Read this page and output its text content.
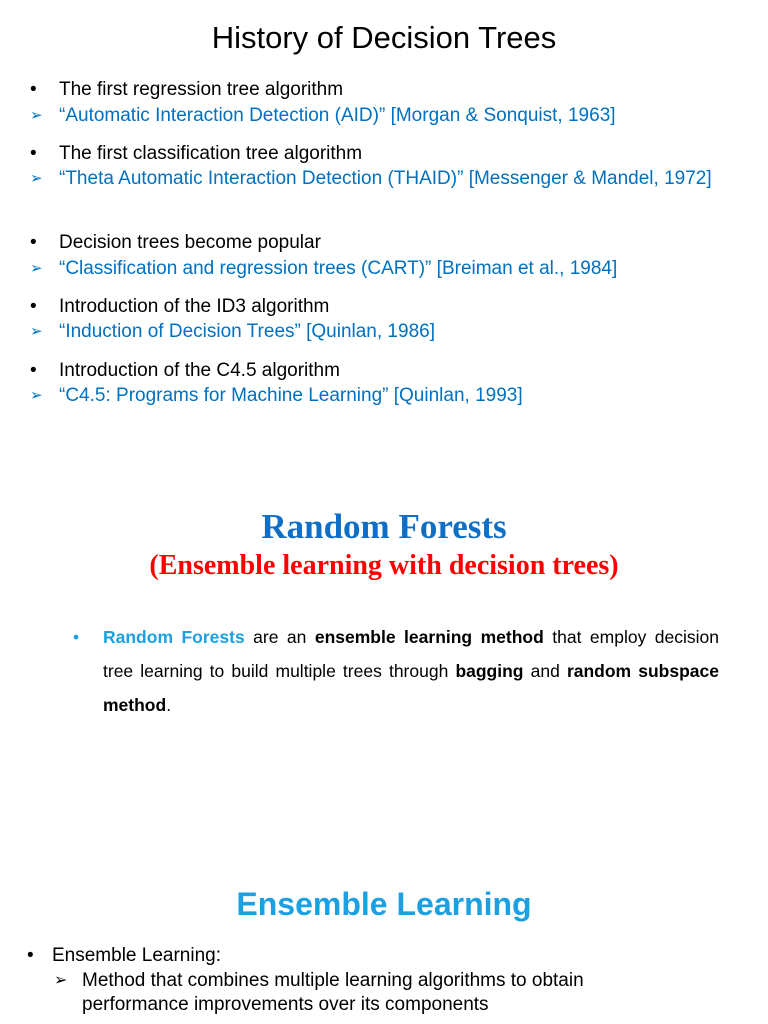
History of Decision Trees
• The first regression tree algorithm
➢ “Automatic Interaction Detection (AID)” [Morgan & Sonquist, 1963]
• The first classification tree algorithm
➢ “Theta Automatic Interaction Detection (THAID)” [Messenger & Mandel, 1972]
• Decision trees become popular
➢ “Classification and regression trees (CART)” [Breiman et al., 1984]
• Introduction of the ID3 algorithm
➢ “Induction of Decision Trees” [Quinlan, 1986]
• Introduction of the C4.5 algorithm
➢ “C4.5: Programs for Machine Learning” [Quinlan, 1993]
Random Forests
(Ensemble learning with decision trees)
• Random Forests are an ensemble learning method that employ decision tree learning to build multiple trees through bagging and random subspace method.
Ensemble Learning
• Ensemble Learning:
➢ Method that combines multiple learning algorithms to obtain performance improvements over its components
